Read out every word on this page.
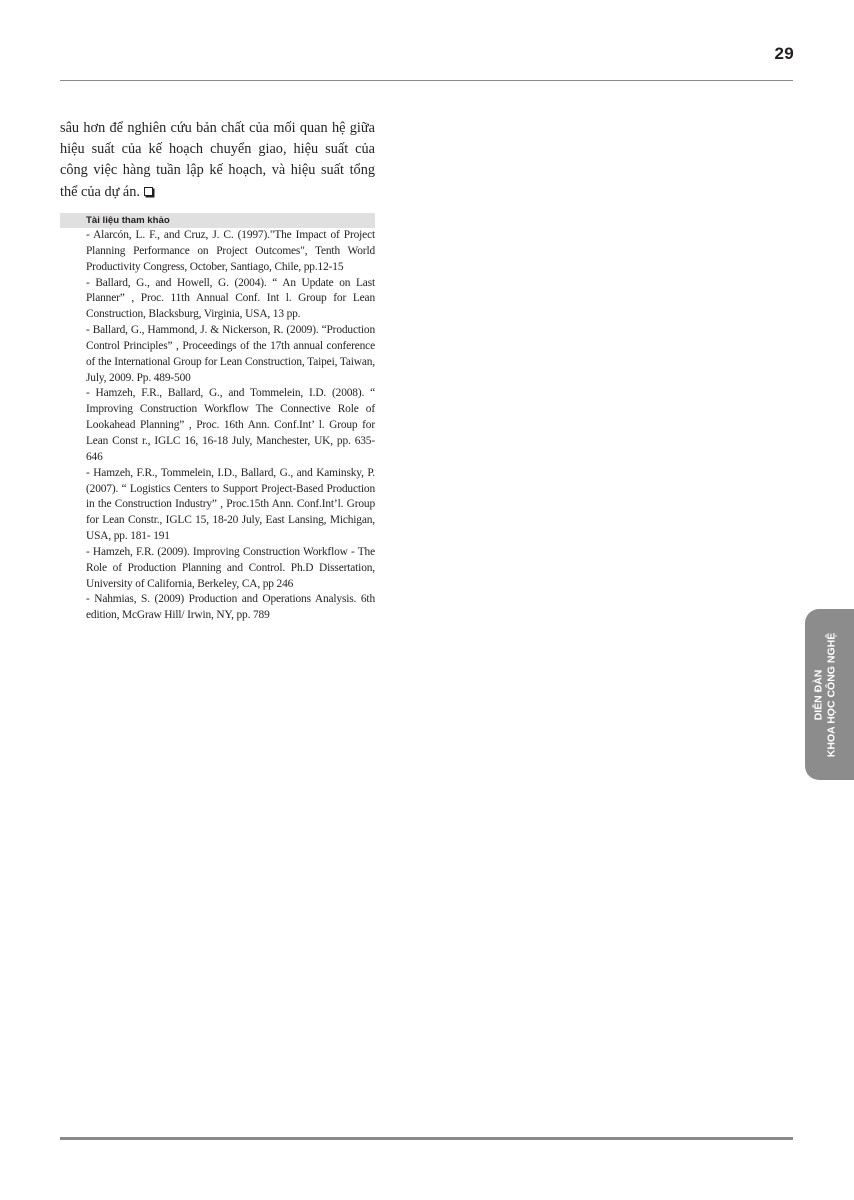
29

sâu hơn để nghiên cứu bản chất của mối quan hệ giữa hiệu suất của kế hoạch chuyển giao, hiệu suất của công việc hàng tuần lập kế hoạch, và hiệu suất tổng thể của dự án.

Tài liệu tham khảo
- Alarcón, L. F., and Cruz, J. C. (1997)."The Impact of Project Planning Performance on Project Outcomes", Tenth World Productivity Congress, October, Santiago, Chile, pp.12-15
- Ballard, G., and Howell, G. (2004). “ An Update on Last Planner” , Proc. 11th Annual Conf. Int l. Group for Lean Construction, Blacksburg, Virginia, USA, 13 pp.
- Ballard, G., Hammond, J. & Nickerson, R. (2009). “Production Control Principles” , Proceedings of the 17th annual conference of the International Group for Lean Construction, Taipei, Taiwan, July, 2009. Pp. 489-500
- Hamzeh, F.R., Ballard, G., and Tommelein, I.D. (2008). “ Improving Construction Workflow The Connective Role of Lookahead Planning” , Proc. 16th Ann. Conf.Int’ l. Group for Lean Const r., IGLC 16, 16-18 July, Manchester, UK, pp. 635-646
- Hamzeh, F.R., Tommelein, I.D., Ballard, G., and Kaminsky, P. (2007). “ Logistics Centers to Support Project-Based Production in the Construction Industry” , Proc.15th Ann. Conf.Int’l. Group for Lean Constr., IGLC 15, 18-20 July, East Lansing, Michigan, USA, pp. 181- 191
- Hamzeh, F.R. (2009). Improving Construction Workflow - The Role of Production Planning and Control. Ph.D Dissertation, University of California, Berkeley, CA, pp 246
- Nahmias, S. (2009) Production and Operations Analysis. 6th edition, McGraw Hill/ Irwin, NY, pp. 789
DIỄN ĐÀN KHOA HỌC CÔNG NGHỆ
